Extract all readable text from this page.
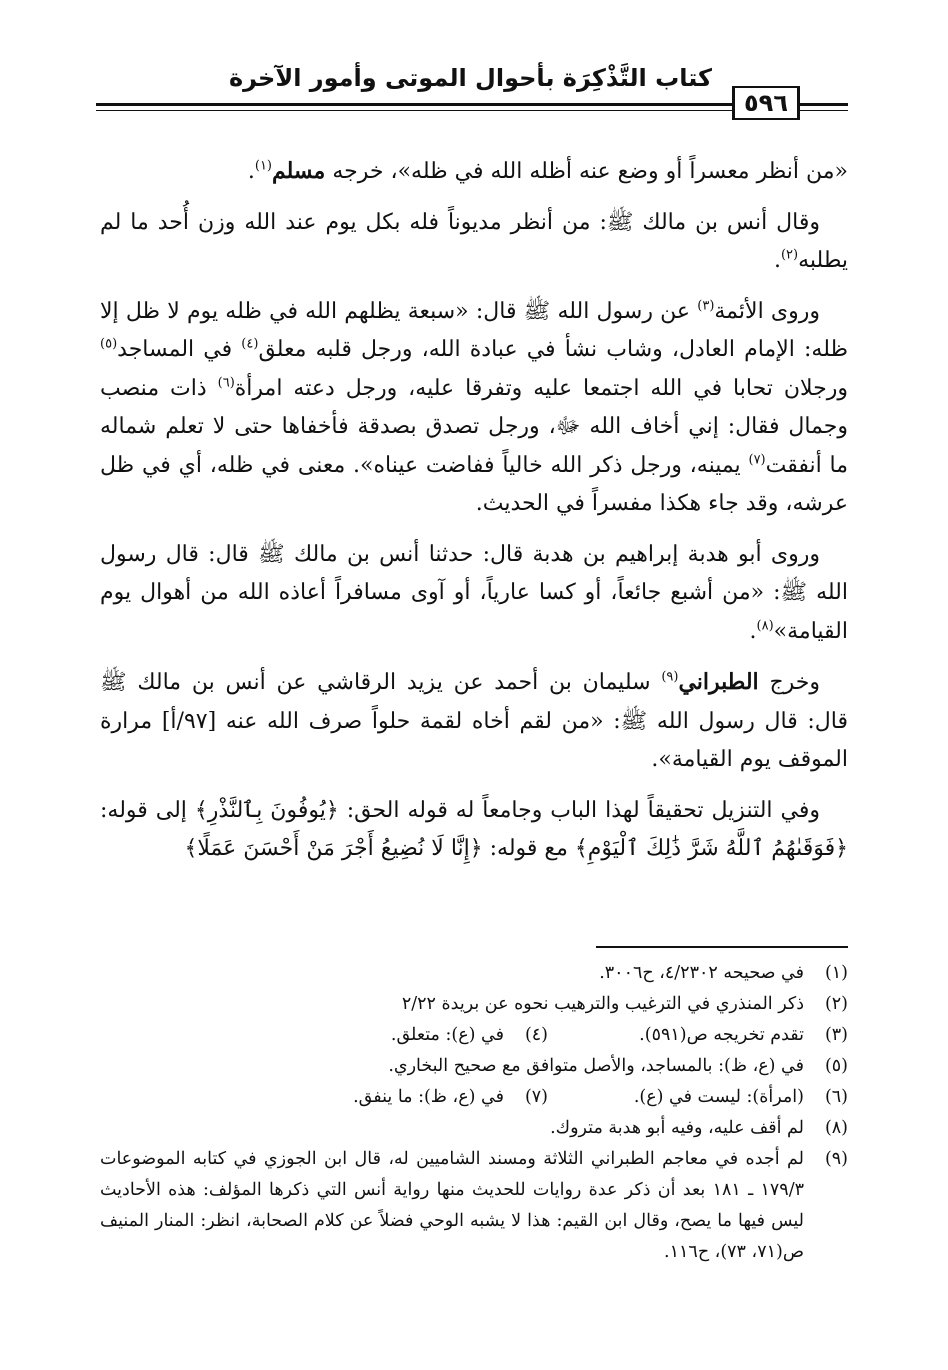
كتاب التَّذْكِرَة بأحوال الموتى وأمور الآخرة
٥٩٦

«من أنظر معسراً أو وضع عنه أظله الله في ظله»، خرجه مسلم$^{(١)}$.

وقال أنس بن مالك ﷺ: من أنظر مديوناً فله بكل يوم عند الله وزن أُحد ما لم يطلبه$^{(٢)}$.

وروى الأئمة$^{(٣)}$ عن رسول الله ﷺ قال: «سبعة يظلهم الله في ظله يوم لا ظل إلا ظله: الإمام العادل، وشاب نشأ في عبادة الله، ورجل قلبه معلق$^{(٤)}$ في المساجد$^{(٥)}$ ورجلان تحابا في الله اجتمعا عليه وتفرقا عليه، ورجل دعته امرأة$^{(٦)}$ ذات منصب وجمال فقال: إني أخاف الله ﷻ، ورجل تصدق بصدقة فأخفاها حتى لا تعلم شماله ما أنفقت$^{(٧)}$ يمينه، ورجل ذكر الله خالياً ففاضت عيناه». معنى في ظله، أي في ظل عرشه، وقد جاء هكذا مفسراً في الحديث.

وروى أبو هدبة إبراهيم بن هدبة قال: حدثنا أنس بن مالك ﷺ قال: قال رسول الله ﷺ: «من أشبع جائعاً، أو كسا عارياً، أو آوى مسافراً أعاذه الله من أهوال يوم القيامة»$^{(٨)}$.

وخرج الطبراني$^{(٩)}$ سليمان بن أحمد عن يزيد الرقاشي عن أنس بن مالك ﷺ قال: قال رسول الله ﷺ: «من لقم أخاه لقمة حلواً صرف الله عنه [٩٧/أ] مرارة الموقف يوم القيامة».

وفي التنزيل تحقيقاً لهذا الباب وجامعاً له قوله الحق: ﴿يُوفُونَ بِٱلنَّذْرِ﴾ إلى قوله: ﴿فَوَقَىٰهُمُ ٱللَّهُ شَرَّ ذَٰلِكَ ٱلْيَوْمِ﴾ مع قوله: ﴿إِنَّا لَا نُضِيعُ أَجْرَ مَنْ أَحْسَنَ عَمَلًا﴾

(١)
في صحيحه ٤/٢٣٠٢، ح٣٠٠٦.
(٢)
ذكر المنذري في الترغيب والترهيب نحوه عن بريدة ٢/٢٢
(٣)
تقدم تخريجه ص(٥٩١).
(٤)
في (ع): متعلق.
(٥)
في (ع، ظ): بالمساجد، والأصل متوافق مع صحيح البخاري.
(٦)
(امرأة): ليست في (ع).
(٧)
في (ع، ظ): ما ينفق.
(٨)
لم أقف عليه، وفيه أبو هدبة متروك.
(٩)
لم أجده في معاجم الطبراني الثلاثة ومسند الشاميين له، قال ابن الجوزي في كتابه الموضوعات ١٧٩/٣ ـ ١٨١ بعد أن ذكر عدة روايات للحديث منها رواية أنس التي ذكرها المؤلف: هذه الأحاديث ليس فيها ما يصح، وقال ابن القيم: هذا لا يشبه الوحي فضلاً عن كلام الصحابة، انظر: المنار المنيف ص(٧١، ٧٣)، ح١١٦.
